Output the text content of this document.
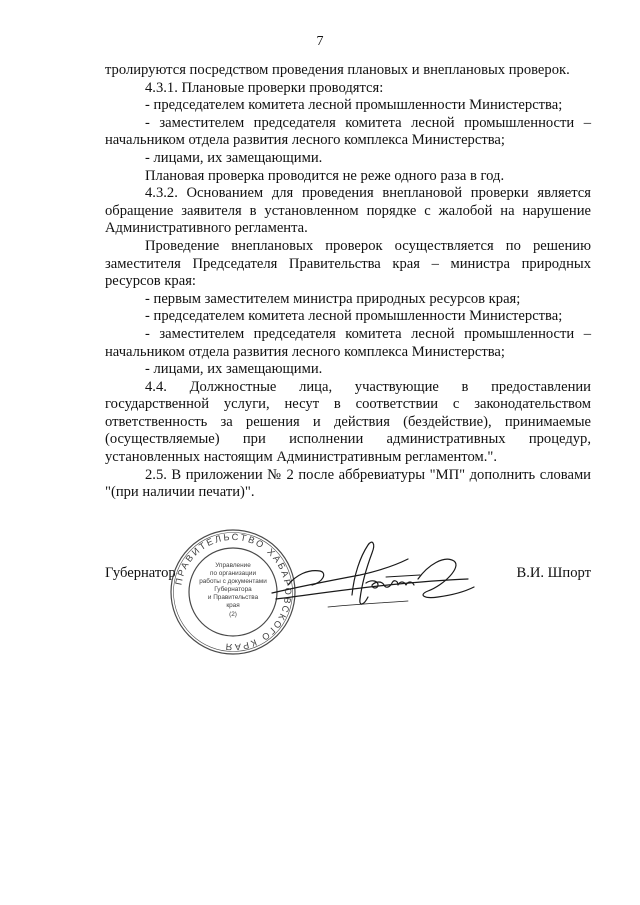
7

тролируются посредством проведения плановых и внеплановых проверок.

4.3.1. Плановые проверки проводятся:

- председателем комитета лесной промышленности Министерства;

- заместителем председателя комитета лесной промышленности – начальником отдела развития лесного комплекса Министерства;

- лицами, их замещающими.

Плановая проверка проводится не реже одного раза в год.

4.3.2. Основанием для проведения внеплановой проверки является обращение заявителя в установленном порядке с жалобой на нарушение Административного регламента.

Проведение внеплановых проверок осуществляется по решению заместителя Председателя Правительства края – министра природных ресурсов края:

- первым заместителем министра природных ресурсов края;

- председателем комитета лесной промышленности Министерства;

- заместителем председателя комитета лесной промышленности – начальником отдела развития лесного комплекса Министерства;

- лицами, их замещающими.

4.4. Должностные лица, участвующие в предоставлении государственной услуги, несут в соответствии с законодательством ответственность за решения и действия (бездействие), принимаемые (осуществляемые) при исполнении административных процедур, установленных настоящим Административным регламентом.".

2.5. В приложении № 2 после аббревиатуры "МП" дополнить словами "(при наличии печати)".

Губернатор	В.И. Шпорт
ПРАВИТЕЛЬСТВО ХАБАРОВСКОГО КРАЯ
Управление
по организации
работы с документами
Губернатора
и Правительства
края
(2)
